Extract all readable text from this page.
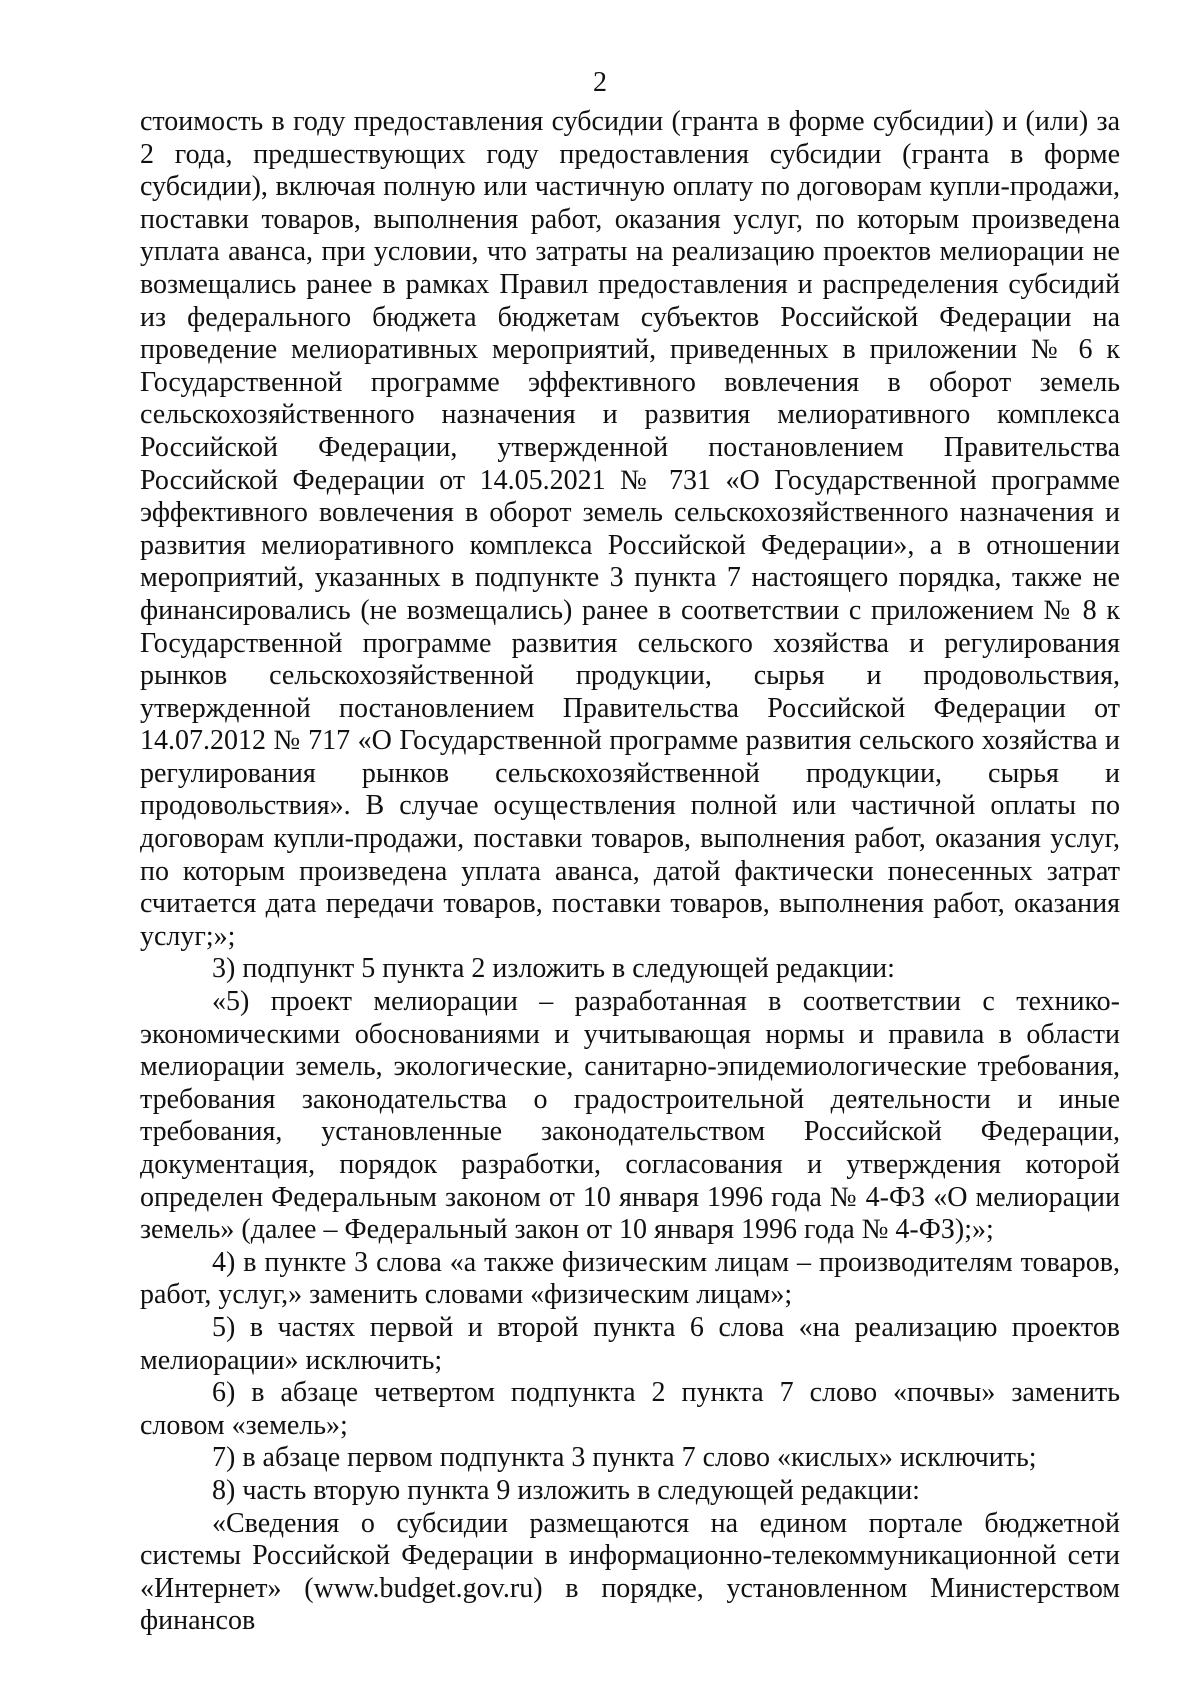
2

стоимость в году предоставления субсидии (гранта в форме субсидии) и (или) за 2 года, предшествующих году предоставления субсидии (гранта в форме субсидии), включая полную или частичную оплату по договорам купли-продажи, поставки товаров, выполнения работ, оказания услуг, по которым произведена уплата аванса, при условии, что затраты на реализацию проектов мелиорации не возмещались ранее в рамках Правил предоставления и распределения субсидий из федерального бюджета бюджетам субъектов Российской Федерации на проведение мелиоративных мероприятий, приведенных в приложении № 6 к Государственной программе эффективного вовлечения в оборот земель сельскохозяйственного назначения и развития мелиоративного комплекса Российской Федерации, утвержденной постановлением Правительства Российской Федерации от 14.05.2021 № 731 «О Государственной программе эффективного вовлечения в оборот земель сельскохозяйственного назначения и развития мелиоративного комплекса Российской Федерации», а в отношении мероприятий, указанных в подпункте 3 пункта 7 настоящего порядка, также не финансировались (не возмещались) ранее в соответствии с приложением № 8 к Государственной программе развития сельского хозяйства и регулирования рынков сельскохозяйственной продукции, сырья и продовольствия, утвержденной постановлением Правительства Российской Федерации от 14.07.2012 № 717 «О Государственной программе развития сельского хозяйства и регулирования рынков сельскохозяйственной продукции, сырья и продовольствия». В случае осуществления полной или частичной оплаты по договорам купли-продажи, поставки товаров, выполнения работ, оказания услуг, по которым произведена уплата аванса, датой фактически понесенных затрат считается дата передачи товаров, поставки товаров, выполнения работ, оказания услуг;»;

3) подпункт 5 пункта 2 изложить в следующей редакции:

«5) проект мелиорации – разработанная в соответствии с технико-экономическими обоснованиями и учитывающая нормы и правила в области мелиорации земель, экологические, санитарно-эпидемиологические требования, требования законодательства о градостроительной деятельности и иные требования, установленные законодательством Российской Федерации, документация, порядок разработки, согласования и утверждения которой определен Федеральным законом от 10 января 1996 года № 4-ФЗ «О мелиорации земель» (далее – Федеральный закон от 10 января 1996 года № 4-ФЗ);»;

4) в пункте 3 слова «а также физическим лицам – производителям товаров, работ, услуг,» заменить словами «физическим лицам»;

5) в частях первой и второй пункта 6 слова «на реализацию проектов мелиорации» исключить;

6) в абзаце четвертом подпункта 2 пункта 7 слово «почвы» заменить словом «земель»;

7) в абзаце первом подпункта 3 пункта 7 слово «кислых» исключить;

8) часть вторую пункта 9 изложить в следующей редакции:

«Сведения о субсидии размещаются на едином портале бюджетной системы Российской Федерации в информационно-телекоммуникационной сети «Интернет» (www.budget.gov.ru) в порядке, установленном Министерством финансов
